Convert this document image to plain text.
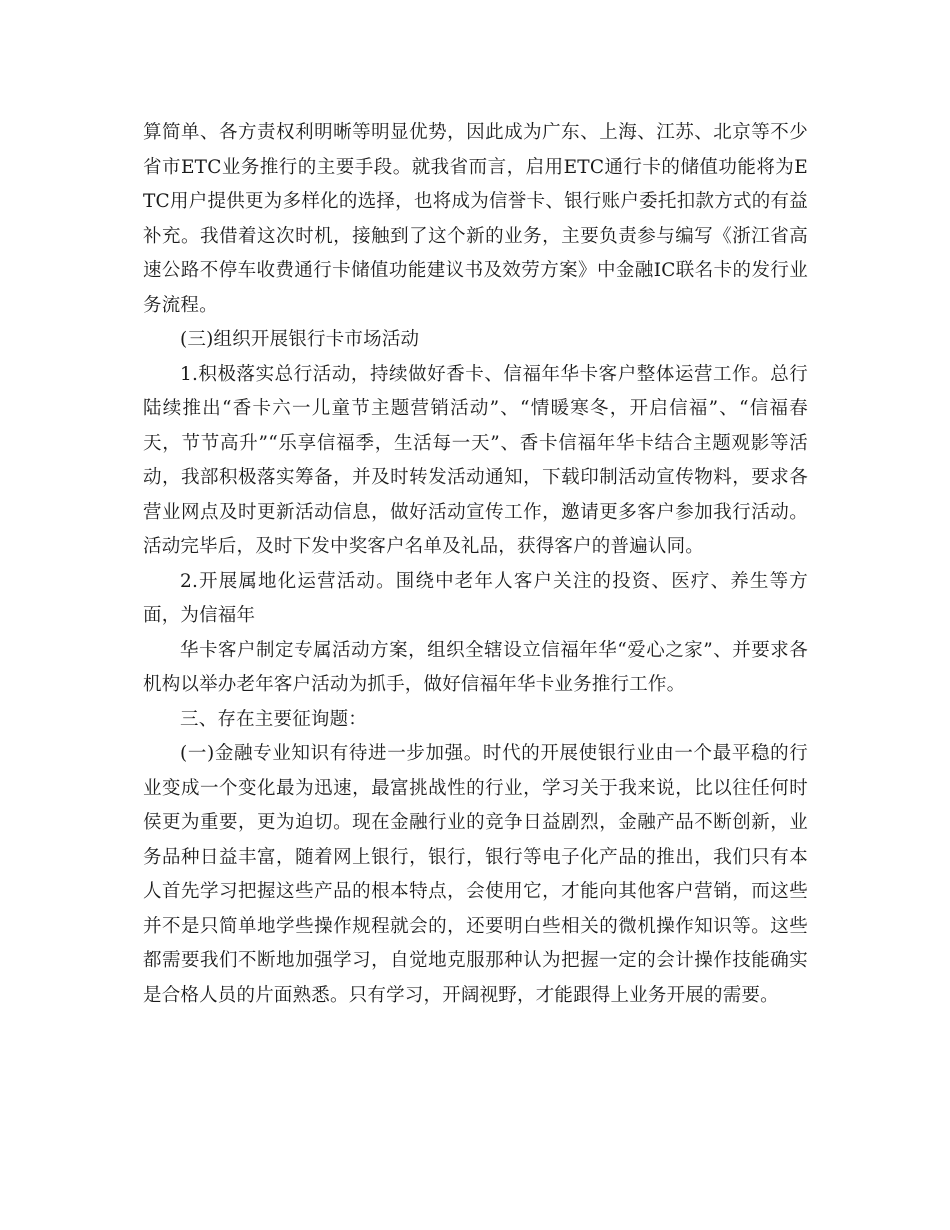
算简单、各方责权利明晰等明显优势，因此成为广东、上海、江苏、北京等不少省市ETC业务推行的主要手段。就我省而言，启用ETC通行卡的储值功能将为ETC用户提供更为多样化的选择，也将成为信誉卡、银行账户委托扣款方式的有益补充。我借着这次时机，接触到了这个新的业务，主要负责参与编写《浙江省高速公路不停车收费通行卡储值功能建议书及效劳方案》中金融IC联名卡的发行业务流程。

(三)组织开展银行卡市场活动

1.积极落实总行活动，持续做好香卡、信福年华卡客户整体运营工作。总行陆续推出“香卡六一儿童节主题营销活动”、“情暖寒冬，开启信福”、“信福春天，节节高升”“乐享信福季，生活每一天”、香卡信福年华卡结合主题观影等活动，我部积极落实筹备，并及时转发活动通知，下载印制活动宣传物料，要求各营业网点及时更新活动信息，做好活动宣传工作，邀请更多客户参加我行活动。活动完毕后，及时下发中奖客户名单及礼品，获得客户的普遍认同。

2.开展属地化运营活动。围绕中老年人客户关注的投资、医疗、养生等方面，为信福年

华卡客户制定专属活动方案，组织全辖设立信福年华“爱心之家”、并要求各机构以举办老年客户活动为抓手，做好信福年华卡业务推行工作。

三、存在主要征询题：

(一)金融专业知识有待进一步加强。时代的开展使银行业由一个最平稳的行业变成一个变化最为迅速，最富挑战性的行业，学习关于我来说，比以往任何时侯更为重要，更为迫切。现在金融行业的竞争日益剧烈，金融产品不断创新，业务品种日益丰富，随着网上银行，银行，银行等电子化产品的推出，我们只有本人首先学习把握这些产品的根本特点，会使用它，才能向其他客户营销，而这些并不是只简单地学些操作规程就会的，还要明白些相关的微机操作知识等。这些都需要我们不断地加强学习，自觉地克服那种认为把握一定的会计操作技能确实是合格人员的片面熟悉。只有学习，开阔视野，才能跟得上业务开展的需要。
